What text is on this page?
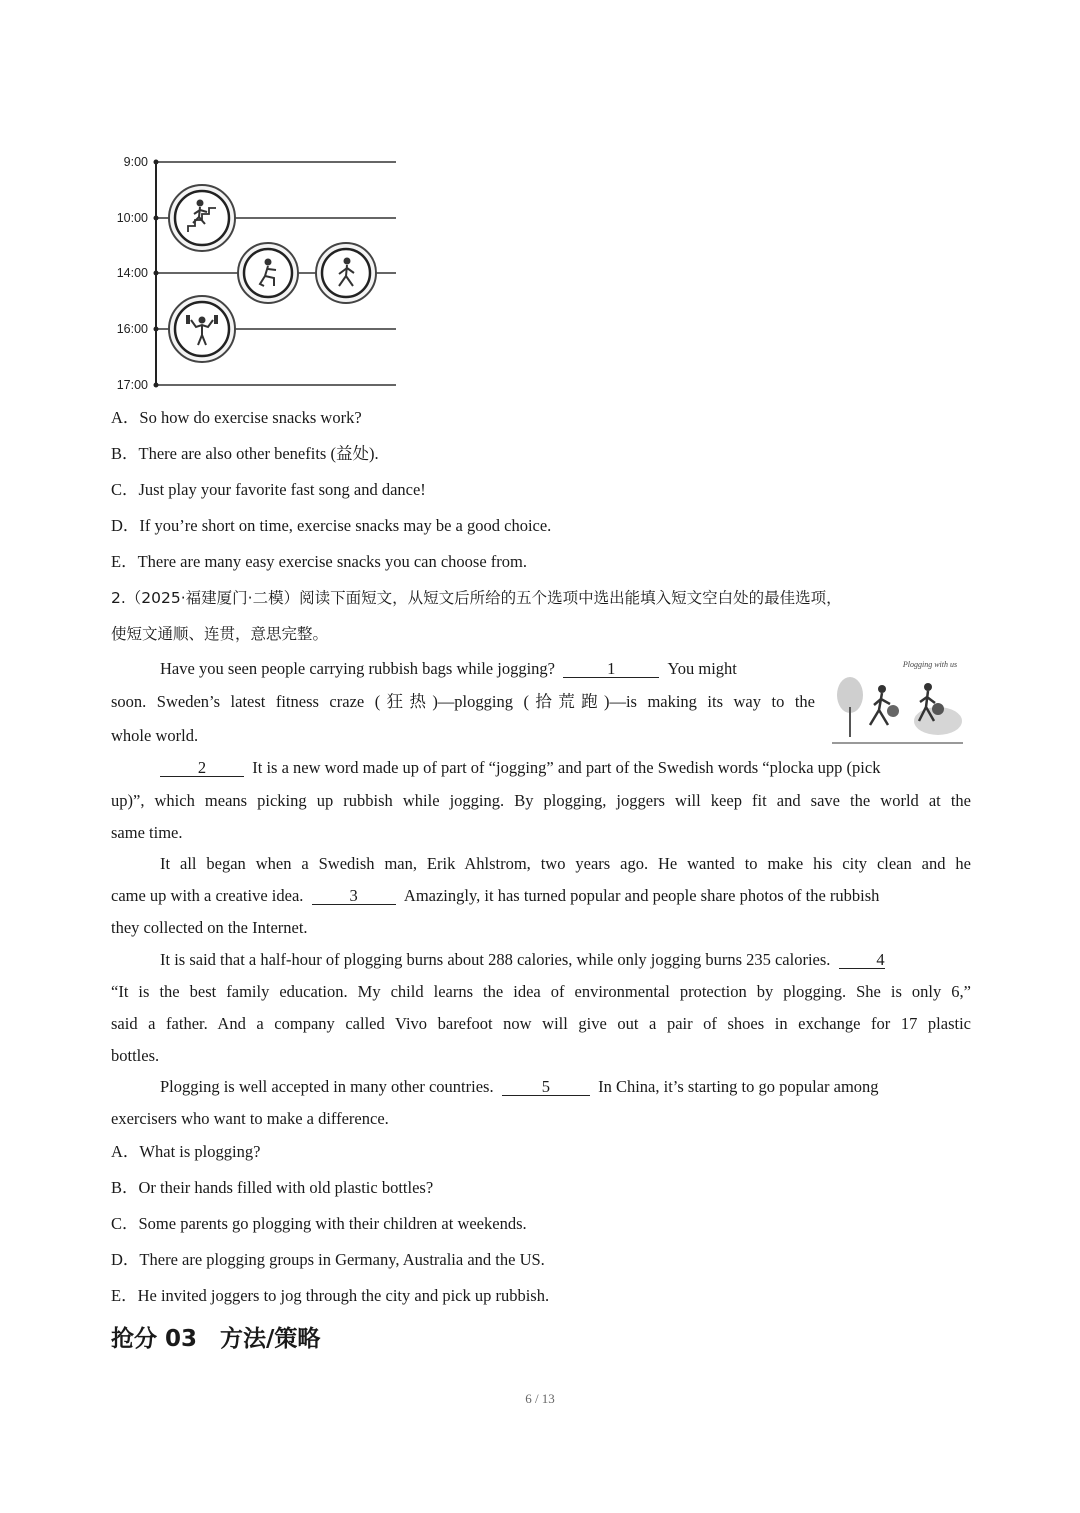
9:00
10:00
14:00
16:00
17:00
A．So how do exercise snacks work?
B．There are also other benefits (益处).
C．Just play your favorite fast song and dance!
D．If you’re short on time, exercise snacks may be a good choice.
E．There are many easy exercise snacks you can choose from.
2.（2025·福建厦门·二模）阅读下面短文，从短文后所给的五个选项中选出能填入短文空白处的最佳选项，
使短文通顺、连贯，意思完整。
Plogging with us
Have you seen people carrying rubbish bags while jogging?	1	You might
soon. Sweden’s latest fitness craze (狂热)—plogging (拾荒跑)—is making its way to the
whole world.
2	It is a new word made up of part of “jogging” and part of the Swedish words “plocka upp (pick
up)”, which means picking up rubbish while jogging. By plogging, joggers will keep fit and save the world at the
same time.
It all began when a Swedish man, Erik Ahlstrom, two years ago. He wanted to make his city clean and he
came up with a creative idea.	3	Amazingly, it has turned popular and people share photos of the rubbish
they collected on the Internet.
It is said that a half-hour of plogging burns about 288 calories, while only jogging burns 235 calories.	4
“It is the best family education. My child learns the idea of environmental protection by plogging. She is only 6,”
said a father. And a company called Vivo barefoot now will give out a pair of shoes in exchange for 17 plastic
bottles.
Plogging is well accepted in many other countries.	5	In China, it’s starting to go popular among
exercisers who want to make a difference.
A．What is plogging?
B．Or their hands filled with old plastic bottles?
C．Some parents go plogging with their children at weekends.
D．There are plogging groups in Germany, Australia and the US.
E．He invited joggers to jog through the city and pick up rubbish.
抢分 03　方法/策略
6 / 13
